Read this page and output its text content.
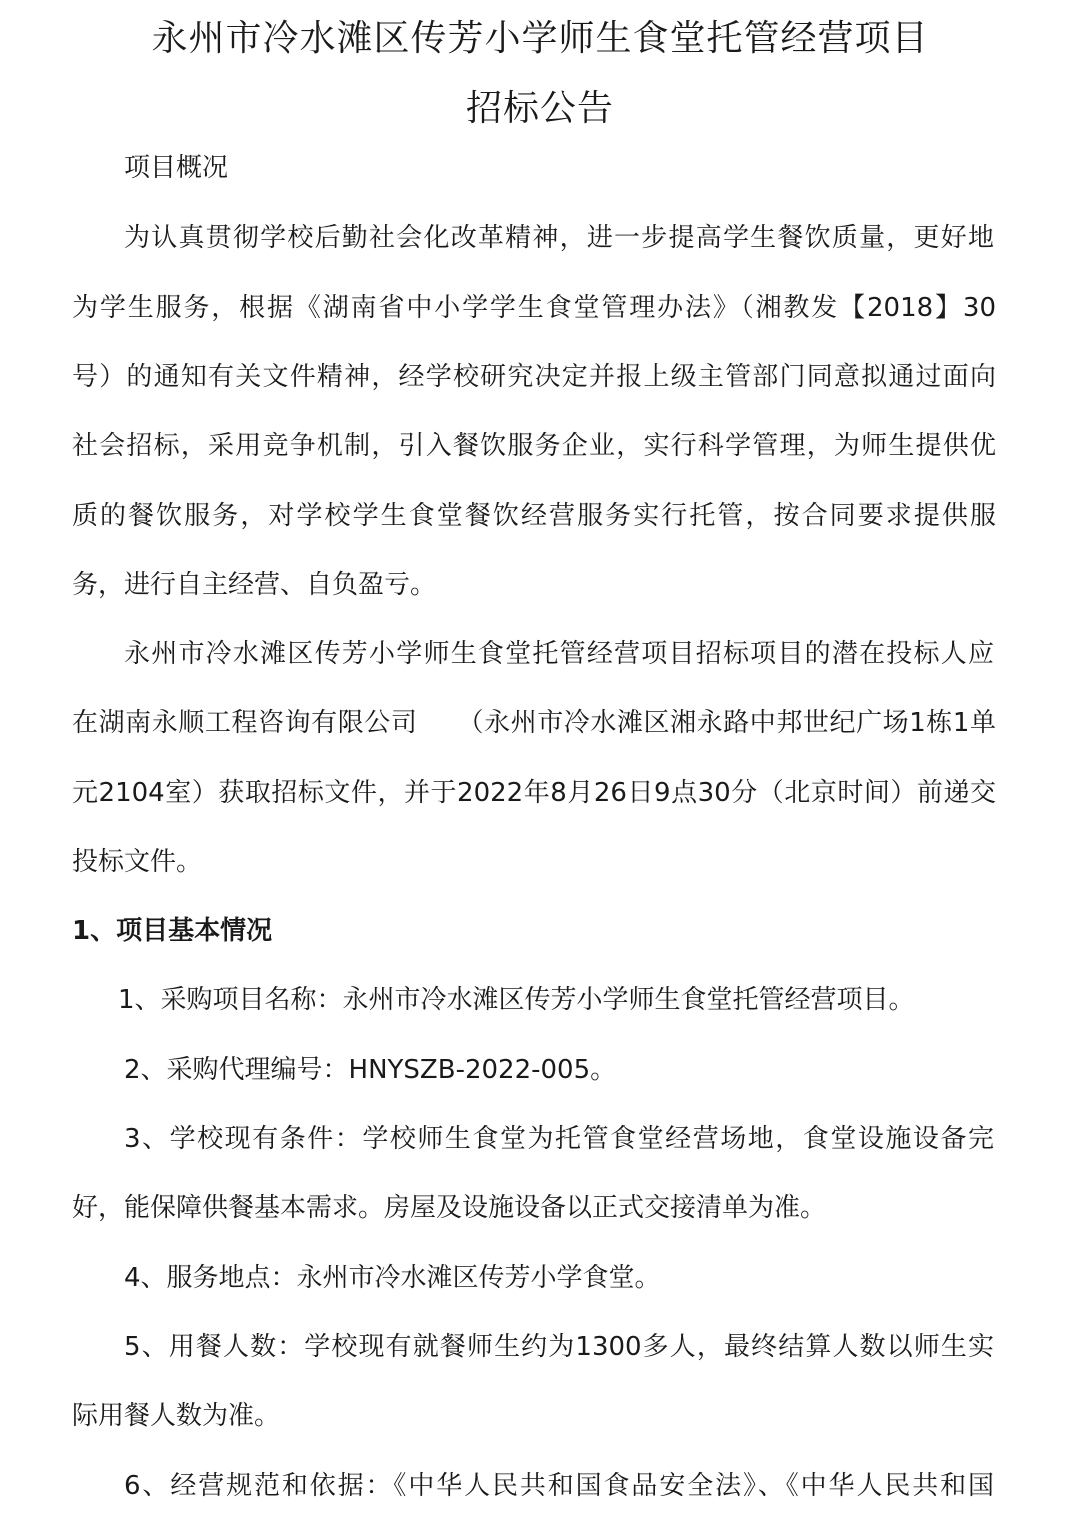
永州市冷水滩区传芳小学师生食堂托管经营项目
招标公告

项目概况

为认真贯彻学校后勤社会化改革精神，进一步提高学生餐饮质量，更好地

为学生服务，根据《湖南省中小学学生食堂管理办法》（湘教发【2018】30

号）的通知有关文件精神，经学校研究决定并报上级主管部门同意拟通过面向

社会招标，采用竞争机制，引入餐饮服务企业，实行科学管理，为师生提供优

质的餐饮服务，对学校学生食堂餐饮经营服务实行托管，按合同要求提供服

务，进行自主经营、自负盈亏。

永州市冷水滩区传芳小学师生食堂托管经营项目招标项目的潜在投标人应

在湖南永顺工程咨询有限公司　　（永州市冷水滩区湘永路中邦世纪广场1栋1单

元2104室）获取招标文件，并于2022年8月26日9点30分（北京时间）前递交

投标文件。

1、项目基本情况

1、采购项目名称：永州市冷水滩区传芳小学师生食堂托管经营项目。

2、采购代理编号：HNYSZB-2022-005。

3、学校现有条件：学校师生食堂为托管食堂经营场地，食堂设施设备完

好，能保障供餐基本需求。房屋及设施设备以正式交接清单为准。

4、服务地点：永州市冷水滩区传芳小学食堂。

5、用餐人数：学校现有就餐师生约为1300多人，最终结算人数以师生实

际用餐人数为准。

6、经营规范和依据：《中华人民共和国食品安全法》、《中华人民共和国
